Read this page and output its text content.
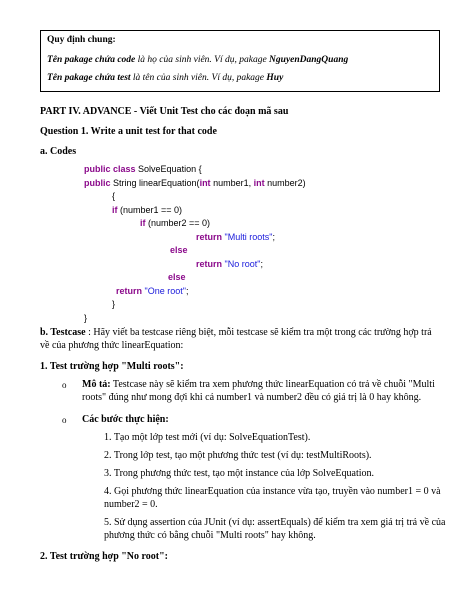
Quy định chung:
Tên pakage chứa code là họ của sinh viên. Ví dụ, pakage NguyenDangQuang
Tên pakage chứa test là tên của sinh viên. Ví dụ, pakage Huy
PART IV. ADVANCE - Viết Unit Test cho các đoạn mã sau
Question 1. Write a unit test for that code
a. Codes
public class SolveEquation {
public String linearEquation(int number1, int number2)
{
if (number1 == 0)
if (number2 == 0)
return "Multi roots";
else
return "No root";
else
return "One root";
}
}
b. Testcase : Hãy viết ba testcase riêng biệt, mỗi testcase sẽ kiểm tra một trong các trường hợp trả về của phương thức linearEquation:
1. Test trường hợp "Multi roots":
o Mô tả: Testcase này sẽ kiểm tra xem phương thức linearEquation có trả về chuỗi "Multi roots" đúng như mong đợi khi cả number1 và number2 đều có giá trị là 0 hay không.
o Các bước thực hiện:
1. Tạo một lớp test mới (ví dụ: SolveEquationTest).
2. Trong lớp test, tạo một phương thức test (ví dụ: testMultiRoots).
3. Trong phương thức test, tạo một instance của lớp SolveEquation.
4. Gọi phương thức linearEquation của instance vừa tạo, truyền vào number1 = 0 và number2 = 0.
5. Sử dụng assertion của JUnit (ví dụ: assertEquals) để kiểm tra xem giá trị trả về của phương thức có bằng chuỗi "Multi roots" hay không.
2. Test trường hợp "No root":
